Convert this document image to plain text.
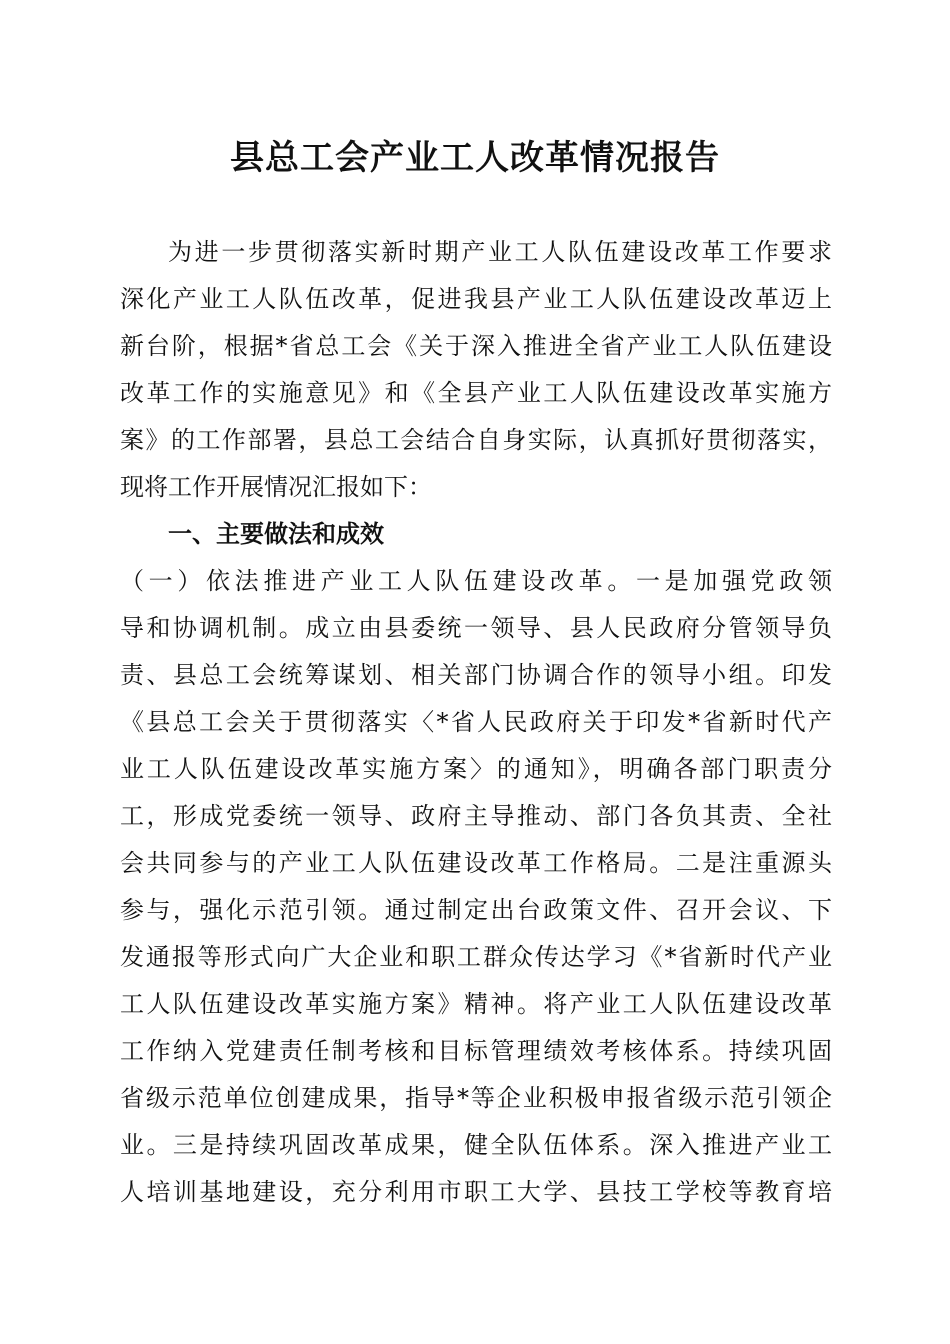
县总工会产业工人改革情况报告
为进一步贯彻落实新时期产业工人队伍建设改革工作要求
深化产业工人队伍改革，促进我县产业工人队伍建设改革迈上
新台阶，根据*省总工会《关于深入推进全省产业工人队伍建设
改革工作的实施意见》和《全县产业工人队伍建设改革实施方
案》的工作部署，县总工会结合自身实际，认真抓好贯彻落实，
现将工作开展情况汇报如下：
一、主要做法和成效
（一）依法推进产业工人队伍建设改革。一是加强党政领
导和协调机制。成立由县委统一领导、县人民政府分管领导负
责、县总工会统筹谋划、相关部门协调合作的领导小组。印发
《县总工会关于贯彻落实〈*省人民政府关于印发*省新时代产
业工人队伍建设改革实施方案〉的通知》，明确各部门职责分
工，形成党委统一领导、政府主导推动、部门各负其责、全社
会共同参与的产业工人队伍建设改革工作格局。二是注重源头
参与，强化示范引领。通过制定出台政策文件、召开会议、下
发通报等形式向广大企业和职工群众传达学习《*省新时代产业
工人队伍建设改革实施方案》精神。将产业工人队伍建设改革
工作纳入党建责任制考核和目标管理绩效考核体系。持续巩固
省级示范单位创建成果，指导*等企业积极申报省级示范引领企
业。三是持续巩固改革成果，健全队伍体系。深入推进产业工
人培训基地建设，充分利用市职工大学、县技工学校等教育培
